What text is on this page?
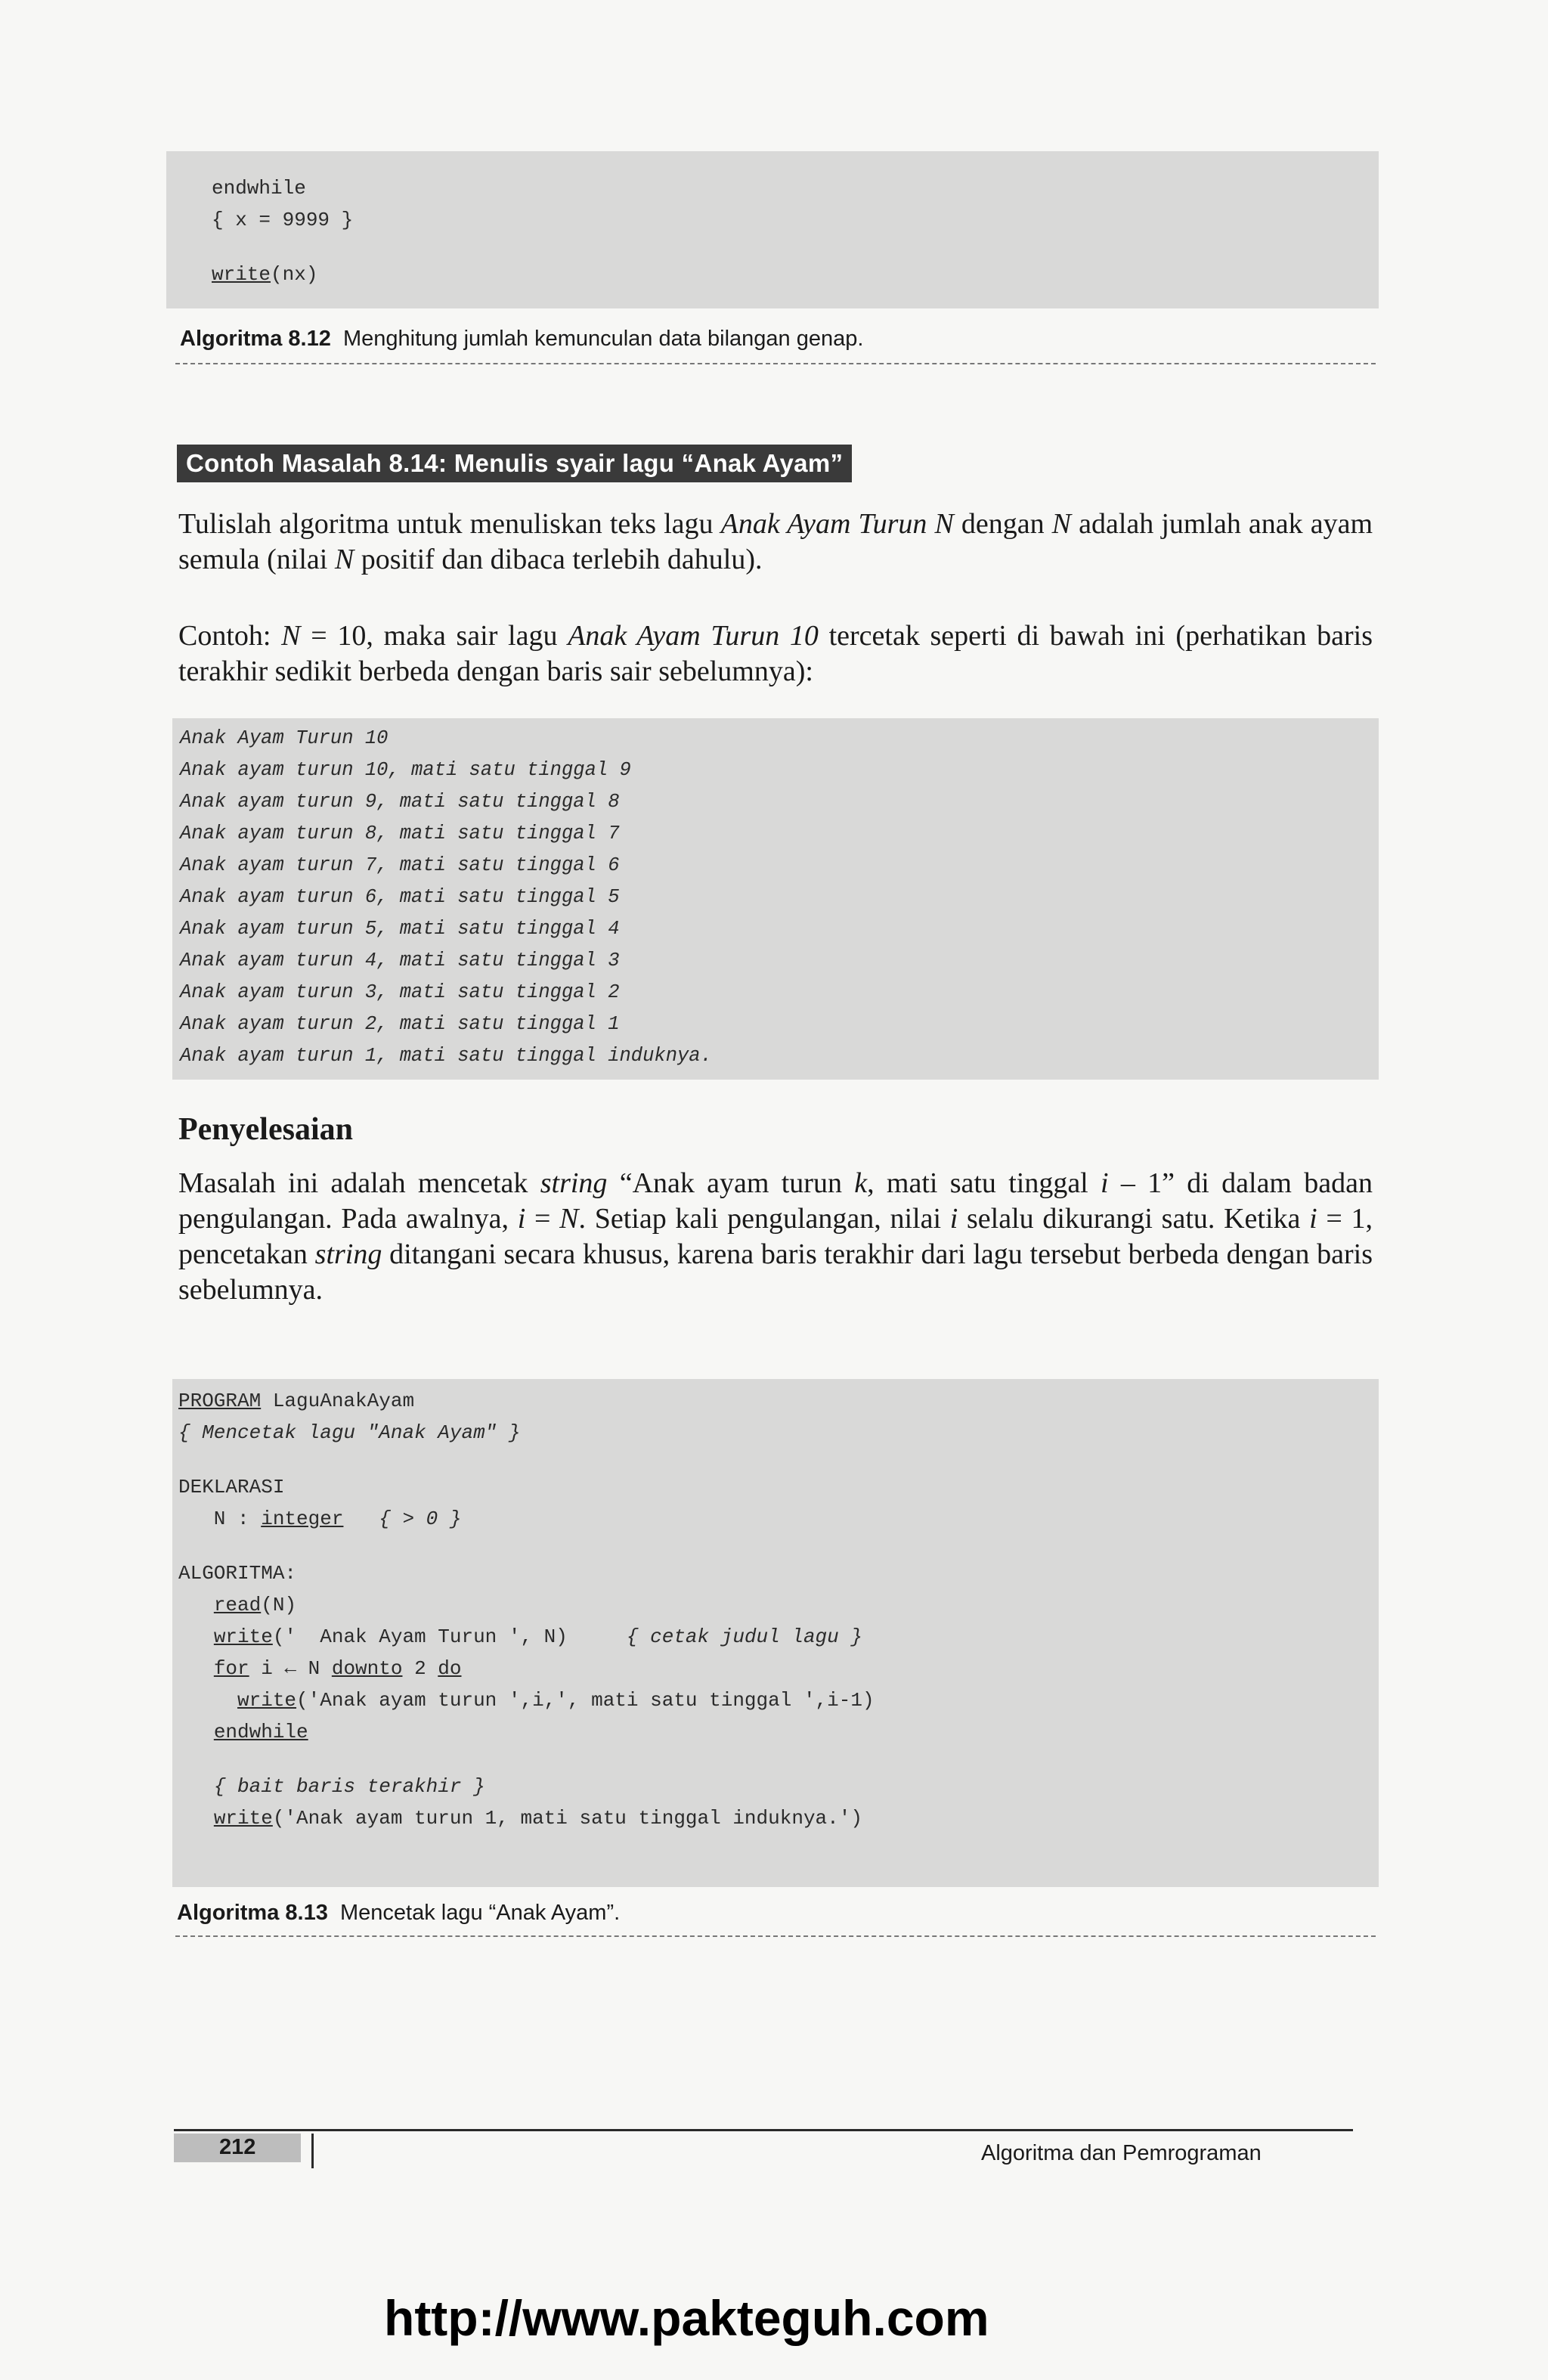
endwhile
{ x = 9999 }
write(nx)
Algoritma 8.12 Menghitung jumlah kemunculan data bilangan genap.
Contoh Masalah 8.14: Menulis syair lagu “Anak Ayam”
Tulislah algoritma untuk menuliskan teks lagu Anak Ayam Turun N dengan N adalah jumlah anak ayam semula (nilai N positif dan dibaca terlebih dahulu).
Contoh: N = 10, maka sair lagu Anak Ayam Turun 10 tercetak seperti di bawah ini (perhatikan baris terakhir sedikit berbeda dengan baris sair sebelumnya):
Anak Ayam Turun 10
Anak ayam turun 10, mati satu tinggal 9
Anak ayam turun 9, mati satu tinggal 8
Anak ayam turun 8, mati satu tinggal 7
Anak ayam turun 7, mati satu tinggal 6
Anak ayam turun 6, mati satu tinggal 5
Anak ayam turun 5, mati satu tinggal 4
Anak ayam turun 4, mati satu tinggal 3
Anak ayam turun 3, mati satu tinggal 2
Anak ayam turun 2, mati satu tinggal 1
Anak ayam turun 1, mati satu tinggal induknya.
Penyelesaian
Masalah ini adalah mencetak string “Anak ayam turun k, mati satu tinggal i – 1” di dalam badan pengulangan. Pada awalnya, i = N. Setiap kali pengulangan, nilai i selalu dikurangi satu. Ketika i = 1, pencetakan string ditangani secara khusus, karena baris terakhir dari lagu tersebut berbeda dengan baris sebelumnya.
PROGRAM LaguAnakAyam
{ Mencetak lagu "Anak Ayam" }
DEKLARASI
N : integer   { > 0 }
ALGORITMA:
read(N)
write('  Anak Ayam Turun ', N)     { cetak judul lagu }
for i ← N downto 2 do
write('Anak ayam turun ',i,', mati satu tinggal ',i-1)
endwhile
{ bait baris terakhir }
write('Anak ayam turun 1, mati satu tinggal induknya.')
Algoritma 8.13 Mencetak lagu “Anak Ayam”.
212	Algoritma dan Pemrograman
http://www.pakteguh.com
